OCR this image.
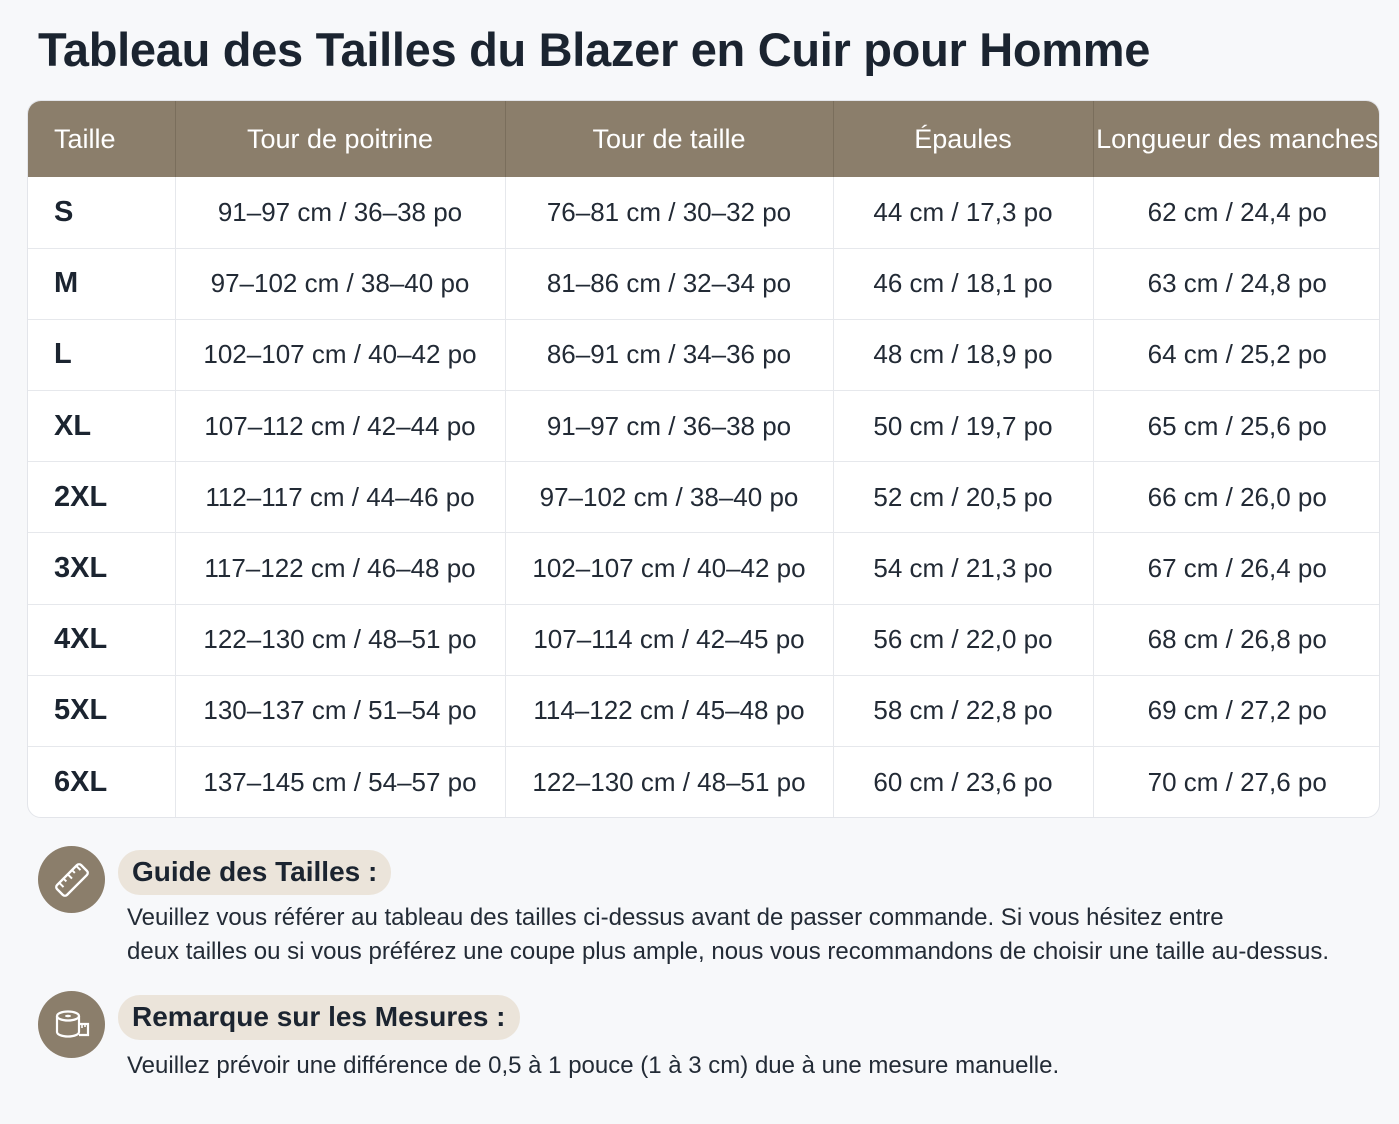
Tableau des Tailles du Blazer en Cuir pour Homme
Taille	Tour de poitrine	Tour de taille	Épaules	Longueur des manches
S	91–97 cm / 36–38 po	76–81 cm / 30–32 po	44 cm / 17,3 po	62 cm / 24,4 po
M	97–102 cm / 38–40 po	81–86 cm / 32–34 po	46 cm / 18,1 po	63 cm / 24,8 po
L	102–107 cm / 40–42 po	86–91 cm / 34–36 po	48 cm / 18,9 po	64 cm / 25,2 po
XL	107–112 cm / 42–44 po	91–97 cm / 36–38 po	50 cm / 19,7 po	65 cm / 25,6 po
2XL	112–117 cm / 44–46 po	97–102 cm / 38–40 po	52 cm / 20,5 po	66 cm / 26,0 po
3XL	117–122 cm / 46–48 po	102–107 cm / 40–42 po	54 cm / 21,3 po	67 cm / 26,4 po
4XL	122–130 cm / 48–51 po	107–114 cm / 42–45 po	56 cm / 22,0 po	68 cm / 26,8 po
5XL	130–137 cm / 51–54 po	114–122 cm / 45–48 po	58 cm / 22,8 po	69 cm / 27,2 po
6XL	137–145 cm / 54–57 po	122–130 cm / 48–51 po	60 cm / 23,6 po	70 cm / 27,6 po
Guide des Tailles :
Veuillez vous référer au tableau des tailles ci-dessus avant de passer commande. Si vous hésitez entre
deux tailles ou si vous préférez une coupe plus ample, nous vous recommandons de choisir une taille au-dessus.
Remarque sur les Mesures :
Veuillez prévoir une différence de 0,5 à 1 pouce (1 à 3 cm) due à une mesure manuelle.
